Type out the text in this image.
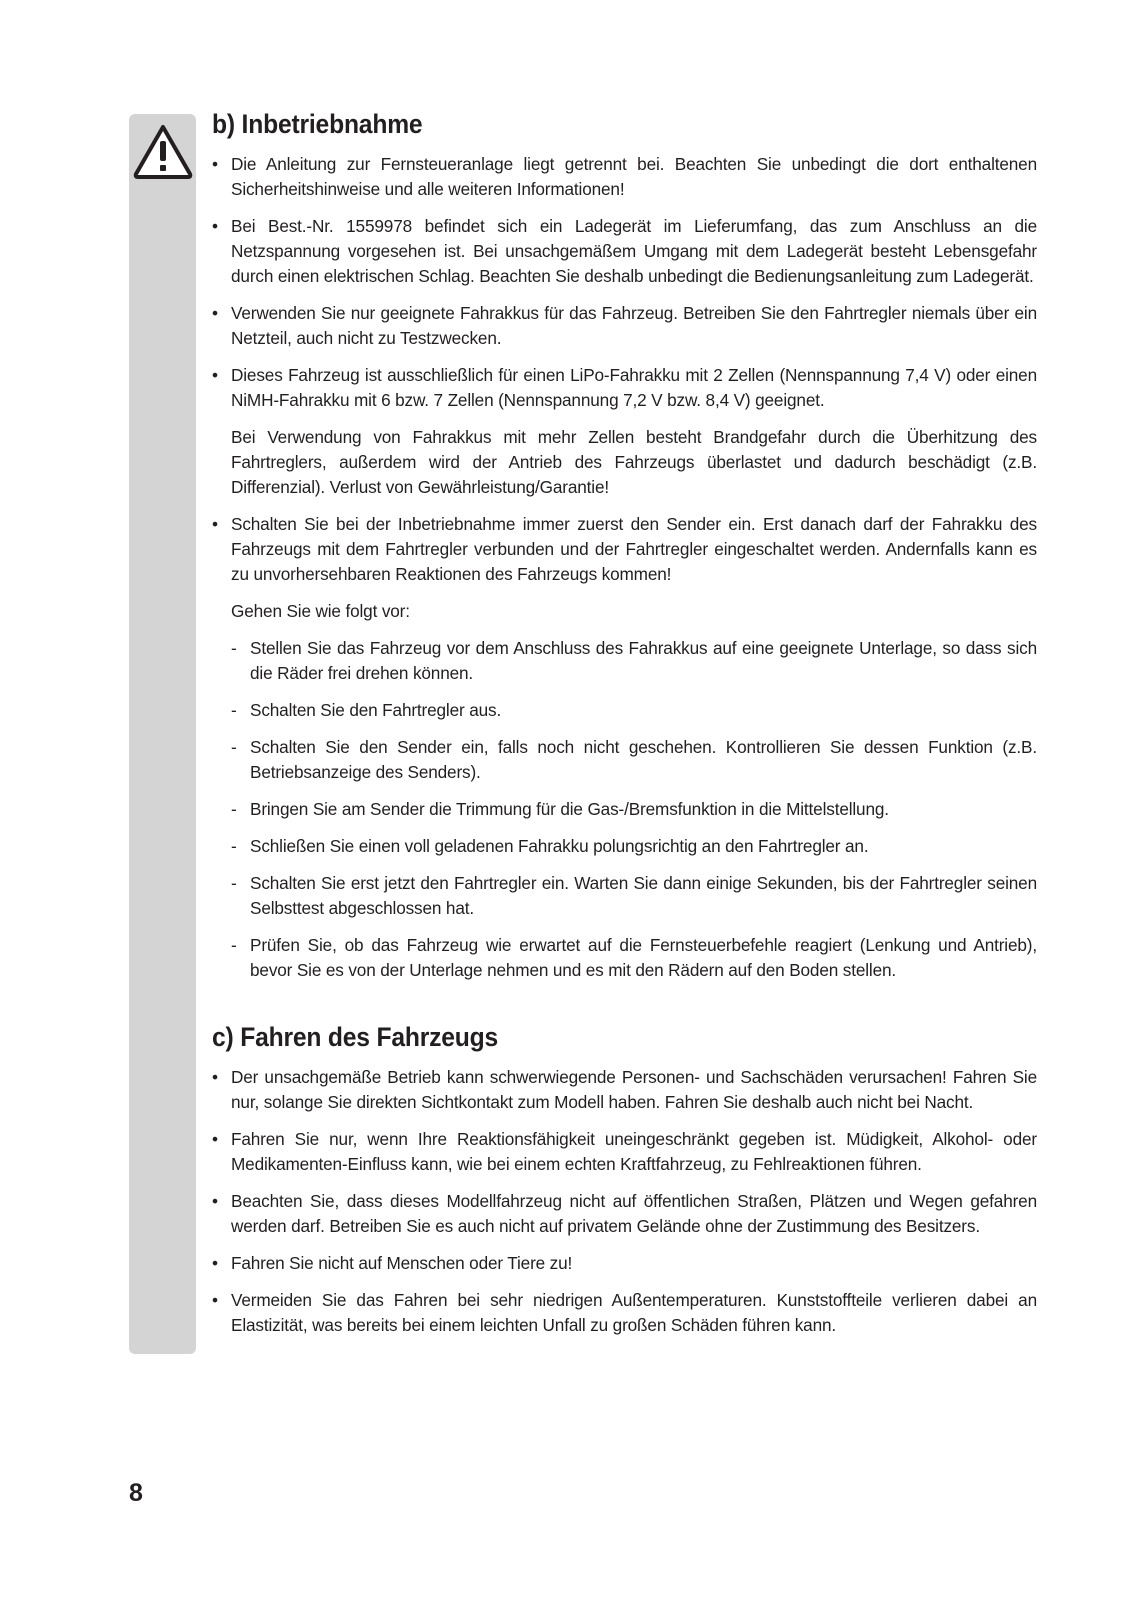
b) Inbetriebnahme
• Die Anleitung zur Fernsteueranlage liegt getrennt bei. Beachten Sie unbedingt die dort enthaltenen Sicherheitshinweise und alle weiteren Informationen!
• Bei Best.-Nr. 1559978 befindet sich ein Ladegerät im Lieferumfang, das zum Anschluss an die Netzspannung vorgesehen ist. Bei unsachgemäßem Umgang mit dem Ladegerät besteht Lebensgefahr durch einen elektrischen Schlag. Beachten Sie deshalb unbedingt die Bedienungsanleitung zum Ladegerät.
• Verwenden Sie nur geeignete Fahrakkus für das Fahrzeug. Betreiben Sie den Fahrtregler niemals über ein Netzteil, auch nicht zu Testzwecken.
• Dieses Fahrzeug ist ausschließlich für einen LiPo-Fahrakku mit 2 Zellen (Nennspannung 7,4 V) oder einen NiMH-Fahrakku mit 6 bzw. 7 Zellen (Nennspannung 7,2 V bzw. 8,4 V) geeignet.
Bei Verwendung von Fahrakkus mit mehr Zellen besteht Brandgefahr durch die Überhitzung des Fahrtreglers, außerdem wird der Antrieb des Fahrzeugs überlastet und dadurch beschädigt (z.B. Differenzial). Verlust von Gewährleistung/Garantie!
• Schalten Sie bei der Inbetriebnahme immer zuerst den Sender ein. Erst danach darf der Fahrakku des Fahrzeugs mit dem Fahrtregler verbunden und der Fahrtregler eingeschaltet werden. Andernfalls kann es zu unvorhersehbaren Reaktionen des Fahrzeugs kommen!
Gehen Sie wie folgt vor:
- Stellen Sie das Fahrzeug vor dem Anschluss des Fahrakkus auf eine geeignete Unterlage, so dass sich die Räder frei drehen können.
- Schalten Sie den Fahrtregler aus.
- Schalten Sie den Sender ein, falls noch nicht geschehen. Kontrollieren Sie dessen Funktion (z.B. Betriebsanzeige des Senders).
- Bringen Sie am Sender die Trimmung für die Gas-/Bremsfunktion in die Mittelstellung.
- Schließen Sie einen voll geladenen Fahrakku polungsrichtig an den Fahrtregler an.
- Schalten Sie erst jetzt den Fahrtregler ein. Warten Sie dann einige Sekunden, bis der Fahrtregler seinen Selbsttest abgeschlossen hat.
- Prüfen Sie, ob das Fahrzeug wie erwartet auf die Fernsteuerbefehle reagiert (Lenkung und Antrieb), bevor Sie es von der Unterlage nehmen und es mit den Rädern auf den Boden stellen.
c) Fahren des Fahrzeugs
• Der unsachgemäße Betrieb kann schwerwiegende Personen- und Sachschäden verursachen! Fahren Sie nur, solange Sie direkten Sichtkontakt zum Modell haben. Fahren Sie deshalb auch nicht bei Nacht.
• Fahren Sie nur, wenn Ihre Reaktionsfähigkeit uneingeschränkt gegeben ist. Müdigkeit, Alkohol- oder Medikamenten-Einfluss kann, wie bei einem echten Kraftfahrzeug, zu Fehlreaktionen führen.
• Beachten Sie, dass dieses Modellfahrzeug nicht auf öffentlichen Straßen, Plätzen und Wegen gefahren werden darf. Betreiben Sie es auch nicht auf privatem Gelände ohne der Zustimmung des Besitzers.
• Fahren Sie nicht auf Menschen oder Tiere zu!
• Vermeiden Sie das Fahren bei sehr niedrigen Außentemperaturen. Kunststoffteile verlieren dabei an Elastizität, was bereits bei einem leichten Unfall zu großen Schäden führen kann.
8
